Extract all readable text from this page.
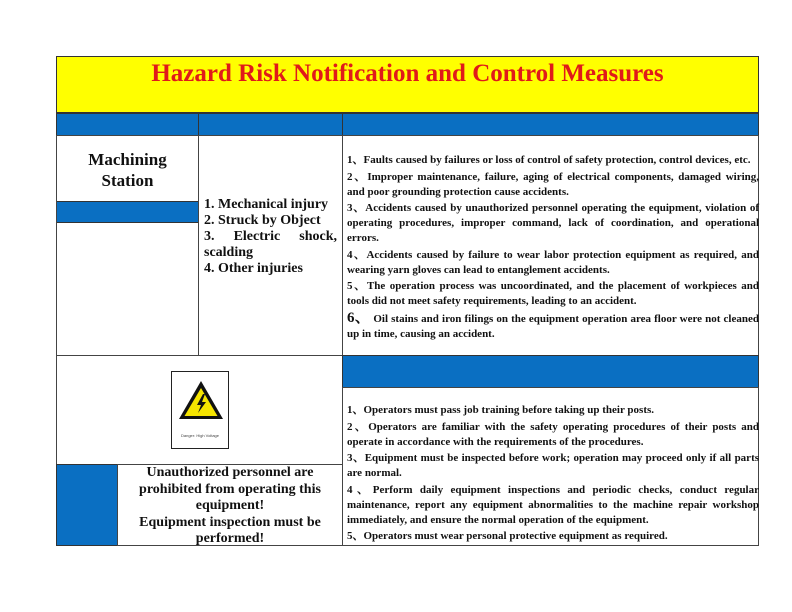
Hazard Risk Notification and Control Measures
Machining
Station
1. Mechanical injury
2. Struck by Object
3. Electric shock,
scalding
4. Other injuries
1、Faults caused by failures or loss of control of safety protection, control devices, etc.
2、Improper maintenance, failure, aging of electrical components, damaged wiring, and poor grounding protection cause accidents.
3、Accidents caused by unauthorized personnel operating the equipment, violation of operating procedures, improper command, lack of coordination, and operational errors.
4、Accidents caused by failure to wear labor protection equipment as required, and wearing yarn gloves can lead to entanglement accidents.
5、The operation process was uncoordinated, and the placement of workpieces and tools did not meet safety requirements, leading to an accident.
6、 Oil stains and iron filings on the equipment operation area floor were not cleaned up in time, causing an accident.
Danger: High Voltage
1、Operators must pass job training before taking up their posts.
2、Operators are familiar with the safety operating procedures of their posts and operate in accordance with the requirements of the procedures.
3、Equipment must be inspected before work; operation may proceed only if all parts are normal.
4、Perform daily equipment inspections and periodic checks, conduct regular maintenance, report any equipment abnormalities to the machine repair workshop immediately, and ensure the normal operation of the equipment.
5、Operators must wear personal protective equipment as required.
Unauthorized personnel are prohibited from operating this equipment!
Equipment inspection must be performed!
